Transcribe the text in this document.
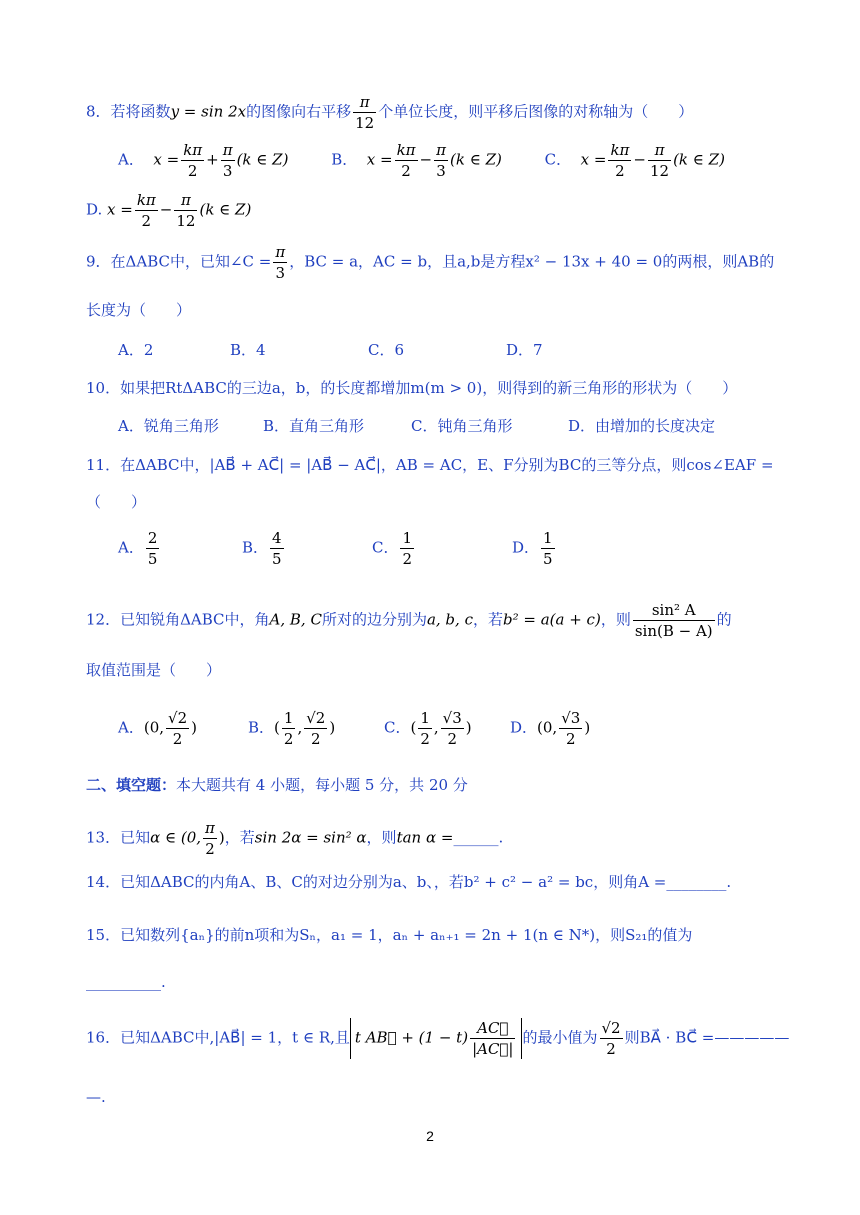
8．若将函数y = sin 2x的图像向右平移 $\frac{\pi}{12}$ 个单位长度，则平移后图像的对称轴为（　　）
A． $x = \frac{k\pi}{2} + \frac{\pi}{3} (k$ ∈ Z)	B． $x = \frac{k\pi}{2} - \frac{\pi}{3} (k$ ∈ Z)	C． $x = \frac{k\pi}{2} - \frac{\pi}{12} (k$ ∈ Z)
D. $x = \frac{k\pi}{2} - \frac{\pi}{12} (k$ ∈ Z)
9．在ΔABC中，已知∠C = $\frac{\pi}{3}$ ，BC = a，AC = b，且a,b是方程x² − 13x + 40 = 0的两根，则AB的
长度为（　　）
A．2	B．4	C．6	D．7
10．如果把RtΔABC的三边a，b，的长度都增加m(m > 0)，则得到的新三角形的形状为（　　）
A．锐角三角形	B．直角三角形	C．钝角三角形	D．由增加的长度决定
11．在ΔABC中，|AB⃗ + AC⃗| = |AB⃗ − AC⃗|，AB = AC，E、F分别为BC的三等分点，则cos∠EAF =
（　　）
A． $\frac{2}{5}$	B． $\frac{4}{5}$	C． $\frac{1}{2}$	D． $\frac{1}{5}$
12．已知锐角ΔABC中，角A, B, C所对的边分别为a, b, c，若b² = a(a + c)，则 $\frac{\text{sin² A}}{\sin(B - A)}$ 的
取值范围是（　　）
A．(0, $\frac{√2}{2}$ )	B．( $\frac{1}{2}$ , $\frac{√2}{2}$ )	C．( $\frac{1}{2}$ , $\frac{√3}{2}$ )	D．(0, $\frac{√3}{2}$ )
二、填空题：本大题共有 4 小题，每小题 5 分，共 20 分
13．已知α ∈ (0, $\frac{\pi}{2}$ )，若sin 2α = sin² α，则tan α =______.
14．已知ΔABC的内角A、B、C的对边分别为a、b、，若b² + c² − a² = bc，则角A =________.
15．已知数列{aₙ}的前n项和为Sₙ，a₁ = 1，aₙ + aₙ₊₁ = 2n + 1(n ∈ N*)，则S₂₁的值为
__________.
16．已知ΔABC中,|AB⃗| = 1，t ∈ R,且 t AB⃗ + $(1 - t) \frac{AC⃗}{|AC⃗|}$ 的最小值为 $\frac{√2}{2}$ 则BA⃗ · BC⃗ =—————
—.
2
